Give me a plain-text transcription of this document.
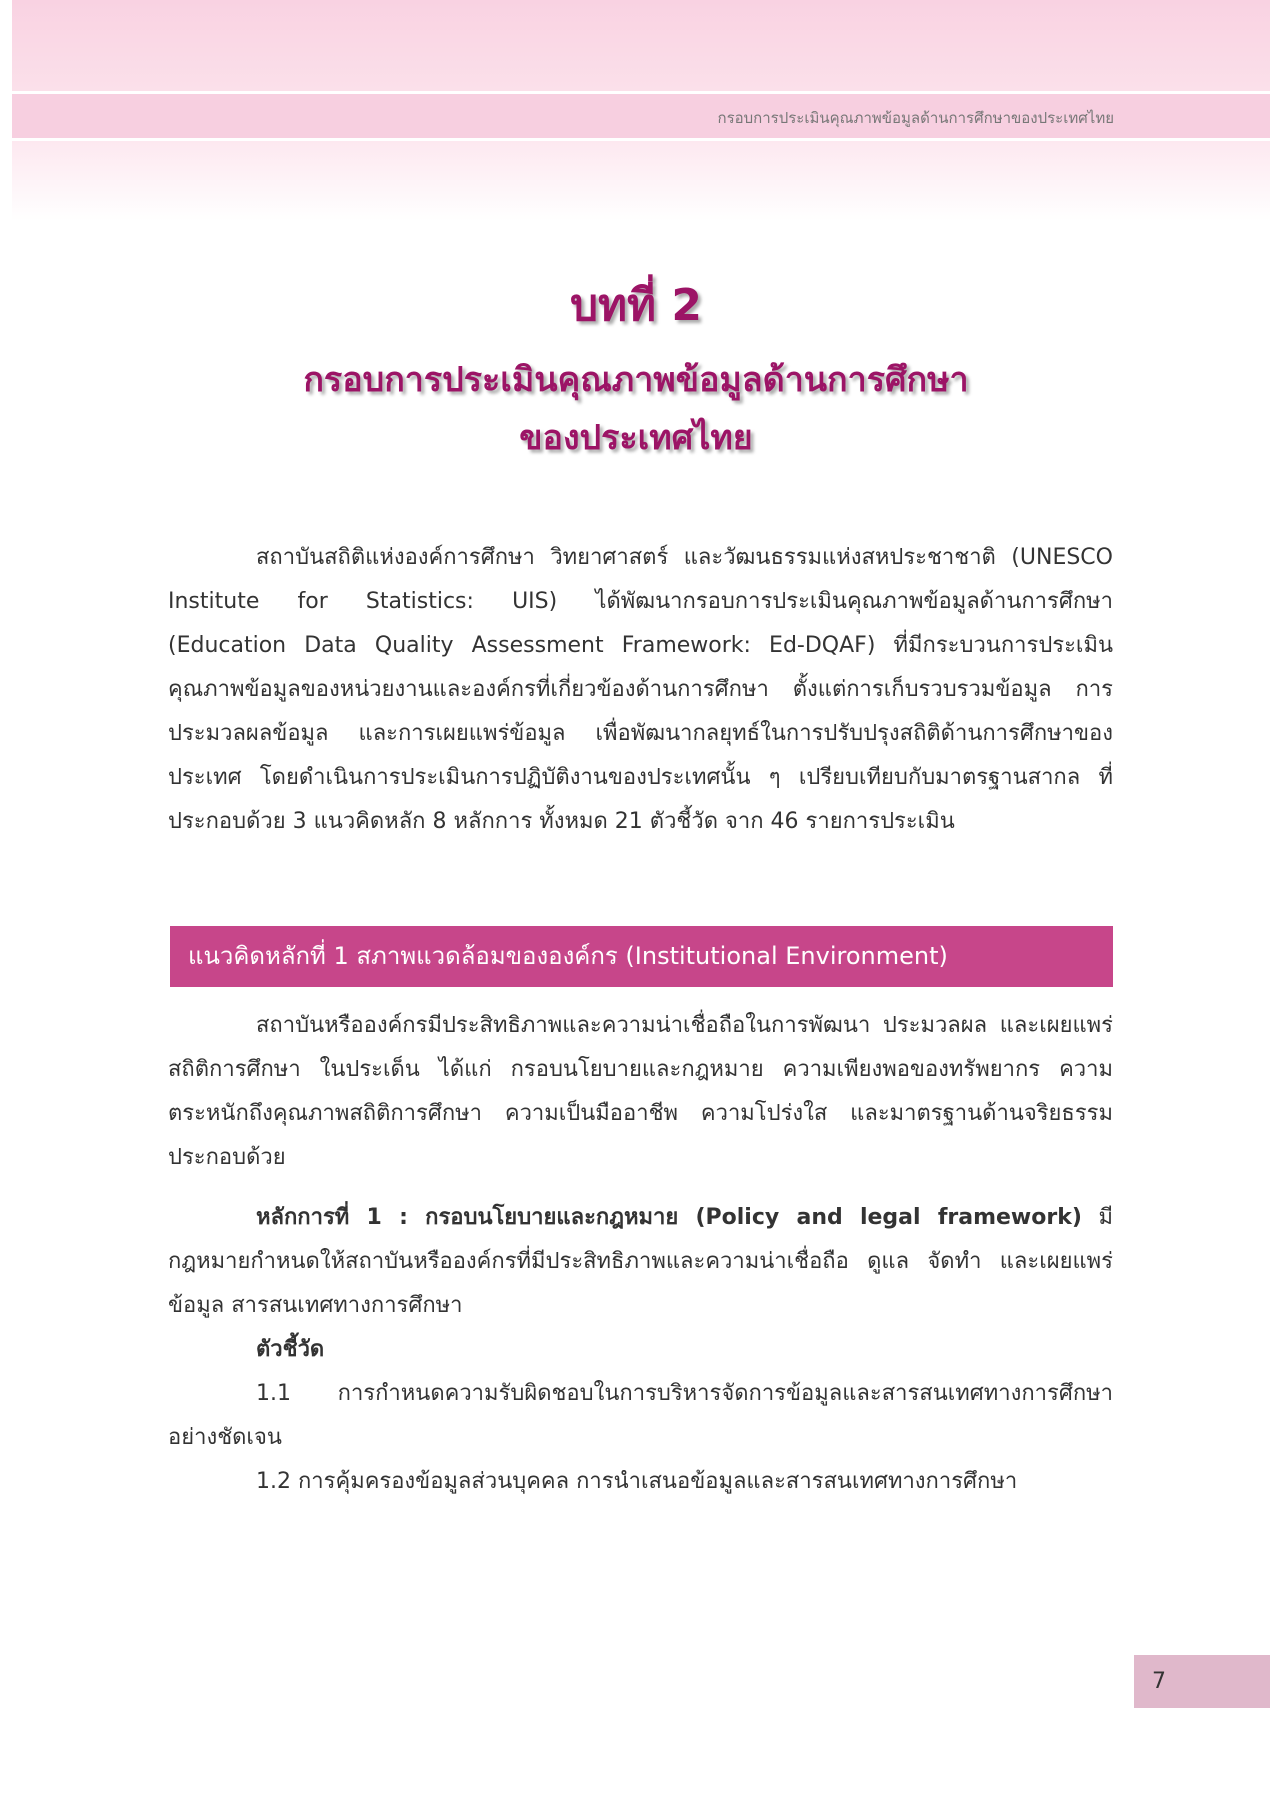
กรอบการประเมินคุณภาพข้อมูลด้านการศึกษาของประเทศไทย
บทที่ 2
กรอบการประเมินคุณภาพข้อมูลด้านการศึกษา
ของประเทศไทย
สถาบันสถิติแห่งองค์การศึกษา วิทยาศาสตร์ และวัฒนธรรมแห่งสหประชาชาติ (UNESCO Institute for Statistics: UIS) ได้พัฒนากรอบการประเมินคุณภาพข้อมูลด้านการศึกษา (Education Data Quality Assessment Framework: Ed-DQAF) ที่มีกระบวนการประเมินคุณภาพข้อมูลของหน่วยงานและองค์กรที่เกี่ยวข้องด้านการศึกษา ตั้งแต่การเก็บรวบรวมข้อมูล การประมวลผลข้อมูล และการเผยแพร่ข้อมูล เพื่อพัฒนากลยุทธ์ในการปรับปรุงสถิติด้านการศึกษาของประเทศ โดยดำเนินการประเมินการปฏิบัติงานของประเทศนั้น ๆ เปรียบเทียบกับมาตรฐานสากล ที่ประกอบด้วย 3 แนวคิดหลัก 8 หลักการ ทั้งหมด 21 ตัวชี้วัด จาก 46 รายการประเมิน
แนวคิดหลักที่ 1 สภาพแวดล้อมขององค์กร (Institutional Environment)
สถาบันหรือองค์กรมีประสิทธิภาพและความน่าเชื่อถือในการพัฒนา ประมวลผล และเผยแพร่สถิติการศึกษา ในประเด็น ได้แก่ กรอบนโยบายและกฎหมาย ความเพียงพอของทรัพยากร ความตระหนักถึงคุณภาพสถิติการศึกษา ความเป็นมืออาชีพ ความโปร่งใส และมาตรฐานด้านจริยธรรม ประกอบด้วย
หลักการที่ 1 : กรอบนโยบายและกฎหมาย (Policy and legal framework) มีกฎหมายกำหนดให้สถาบันหรือองค์กรที่มีประสิทธิภาพและความน่าเชื่อถือ ดูแล จัดทำ และเผยแพร่ข้อมูล สารสนเทศทางการศึกษา
ตัวชี้วัด
1.1 การกำหนดความรับผิดชอบในการบริหารจัดการข้อมูลและสารสนเทศทางการศึกษาอย่างชัดเจน
1.2 การคุ้มครองข้อมูลส่วนบุคคล การนำเสนอข้อมูลและสารสนเทศทางการศึกษา
7
